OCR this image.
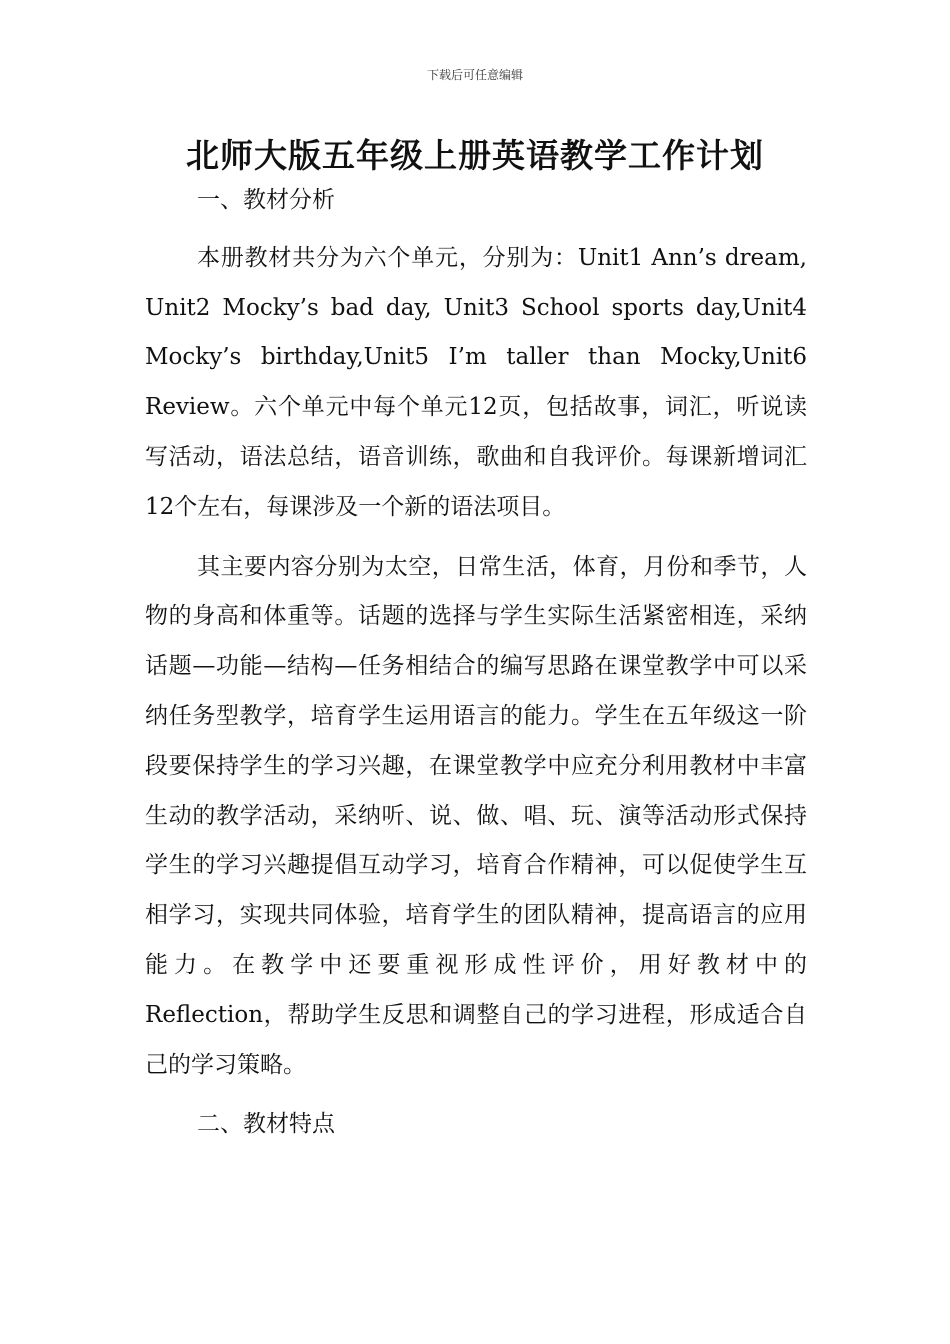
下载后可任意编辑
北师大版五年级上册英语教学工作计划

一、教材分析

本册教材共分为六个单元，分别为：Unit1 Ann’s dream, Unit2 Mocky’s bad day, Unit3 School sports day,Unit4 Mocky’s birthday,Unit5 I’m taller than Mocky,Unit6 Review。六个单元中每个单元12页，包括故事，词汇，听说读写活动，语法总结，语音训练，歌曲和自我评价。每课新增词汇12个左右，每课涉及一个新的语法项目。

其主要内容分别为太空，日常生活，体育，月份和季节，人物的身高和体重等。话题的选择与学生实际生活紧密相连，采纳话题—功能—结构—任务相结合的编写思路在课堂教学中可以采纳任务型教学，培育学生运用语言的能力。学生在五年级这一阶段要保持学生的学习兴趣，在课堂教学中应充分利用教材中丰富生动的教学活动，采纳听、说、做、唱、玩、演等活动形式保持学生的学习兴趣提倡互动学习，培育合作精神，可以促使学生互相学习，实现共同体验，培育学生的团队精神，提高语言的应用能力。在教学中还要重视形成性评价，用好教材中的Reflection，帮助学生反思和调整自己的学习进程，形成适合自己的学习策略。

二、教材特点
